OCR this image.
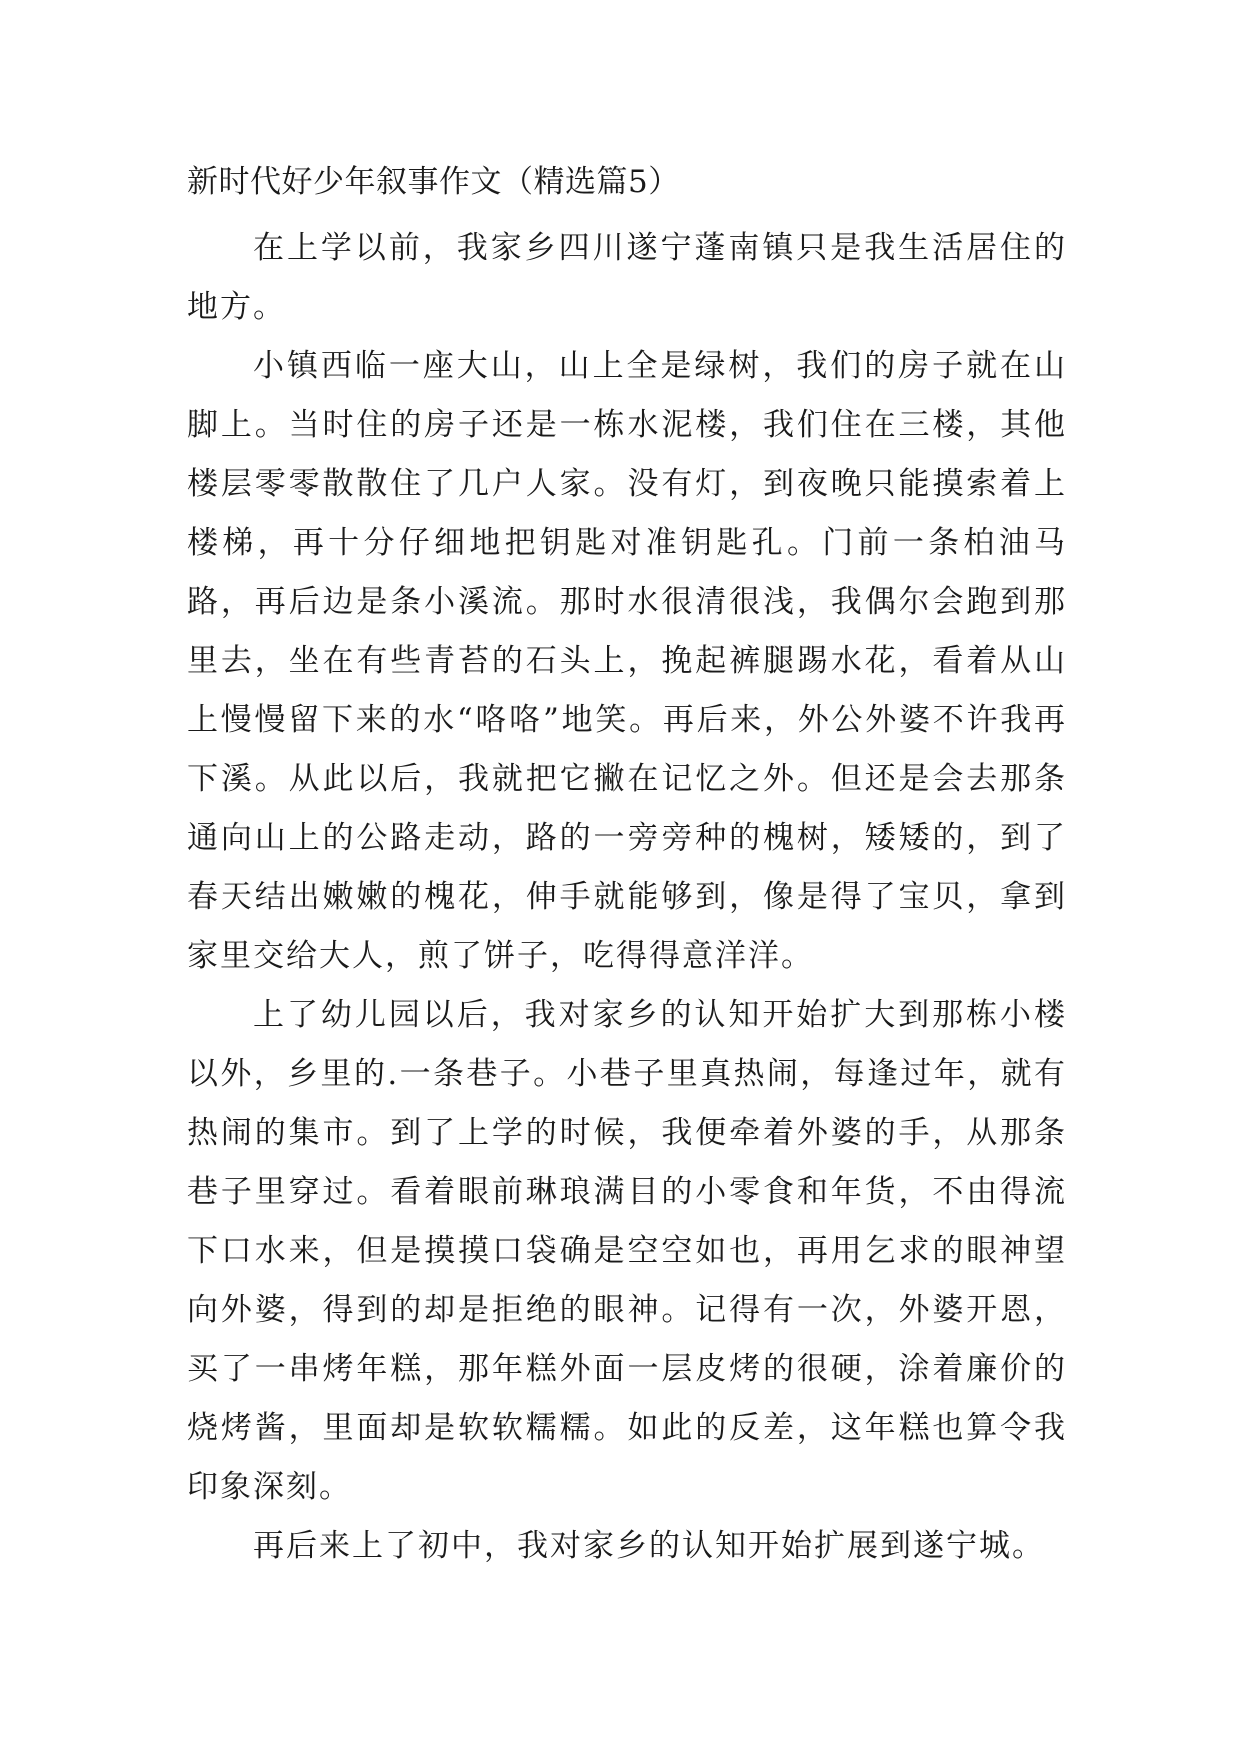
新时代好少年叙事作文（精选篇5）

在上学以前，我家乡四川遂宁蓬南镇只是我生活居住的地方。

小镇西临一座大山，山上全是绿树，我们的房子就在山脚上。当时住的房子还是一栋水泥楼，我们住在三楼，其他楼层零零散散住了几户人家。没有灯，到夜晚只能摸索着上楼梯，再十分仔细地把钥匙对准钥匙孔。门前一条柏油马路，再后边是条小溪流。那时水很清很浅，我偶尔会跑到那里去，坐在有些青苔的石头上，挽起裤腿踢水花，看着从山上慢慢留下来的水“咯咯”地笑。再后来，外公外婆不许我再下溪。从此以后，我就把它撇在记忆之外。但还是会去那条通向山上的公路走动，路的一旁旁种的槐树，矮矮的，到了春天结出嫩嫩的槐花，伸手就能够到，像是得了宝贝，拿到家里交给大人，煎了饼子，吃得得意洋洋。

上了幼儿园以后，我对家乡的认知开始扩大到那栋小楼以外，乡里的.一条巷子。小巷子里真热闹，每逢过年，就有热闹的集市。到了上学的时候，我便牵着外婆的手，从那条巷子里穿过。看着眼前琳琅满目的小零食和年货，不由得流下口水来，但是摸摸口袋确是空空如也，再用乞求的眼神望向外婆，得到的却是拒绝的眼神。记得有一次，外婆开恩，买了一串烤年糕，那年糕外面一层皮烤的很硬，涂着廉价的烧烤酱，里面却是软软糯糯。如此的反差，这年糕也算令我印象深刻。

再后来上了初中，我对家乡的认知开始扩展到遂宁城。
